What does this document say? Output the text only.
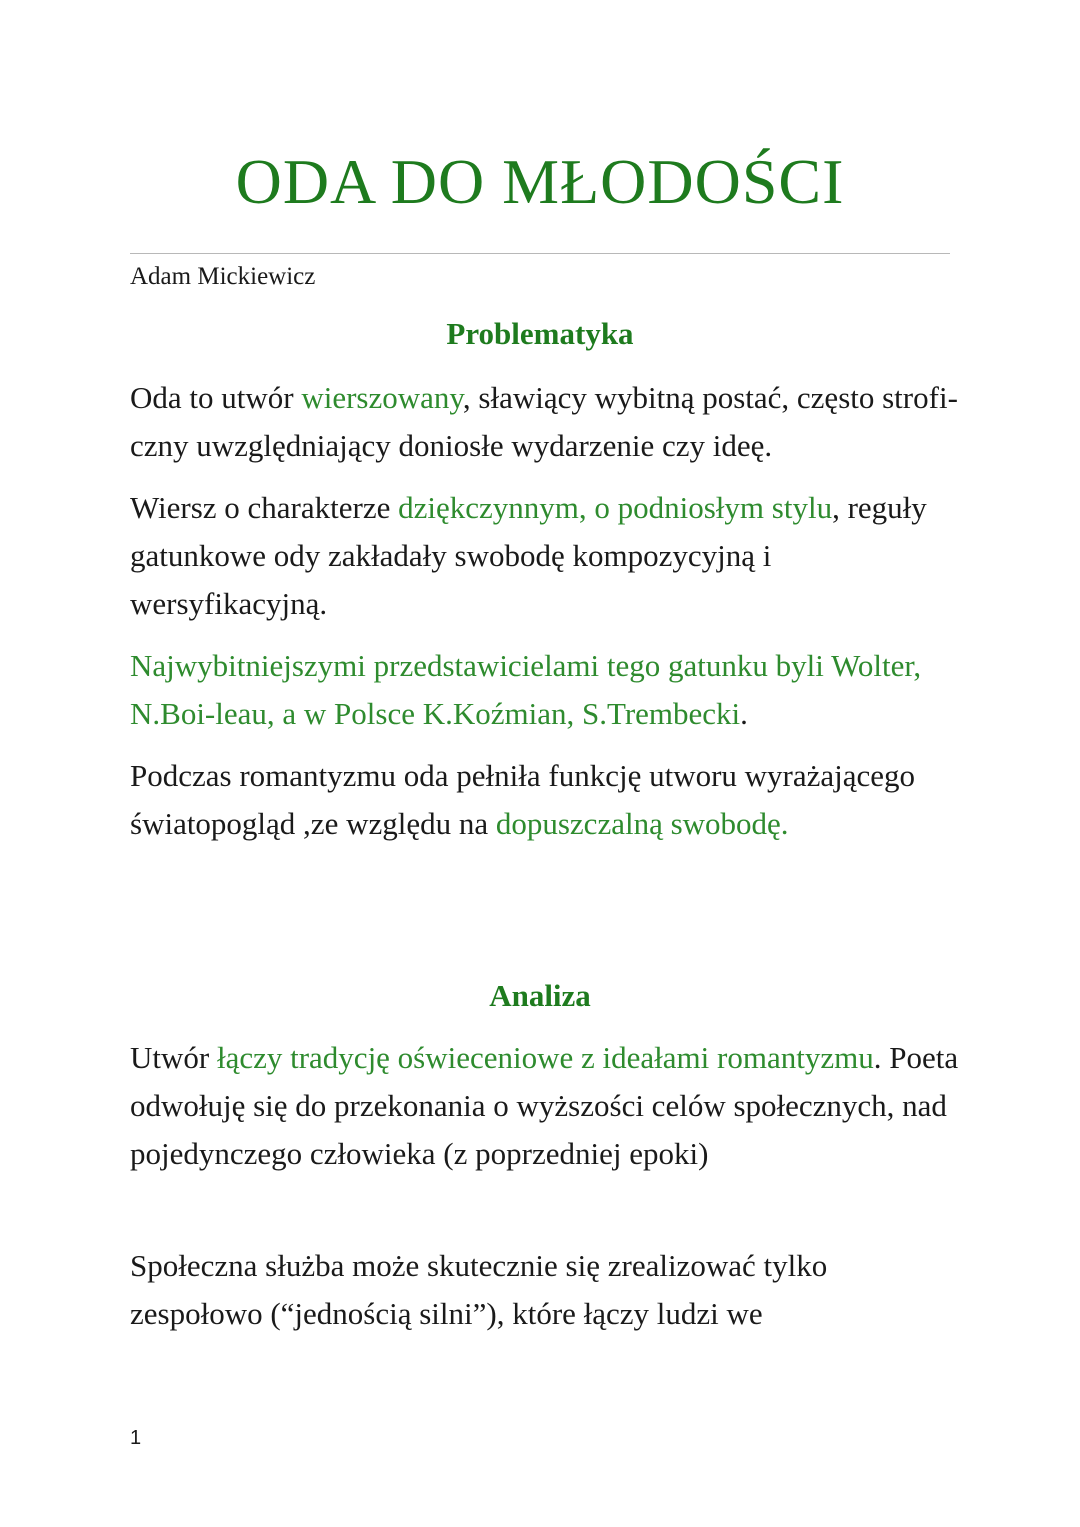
ODA DO MŁODOŚCI
Adam Mickiewicz
Problematyka

Oda to utwór wierszowany, sławiący wybitną postać, często stroficzny uwzględniający doniosłe wydarzenie czy ideę.

Wiersz o charakterze dziękczynnym, o podniosłym stylu, reguły gatunkowe ody zakładały swobodę kompozycyjną i wersyfikacyjną.

Najwybitniejszymi przedstawicielami tego gatunku byli Wolter, N.Boi-leau, a w Polsce K.Koźmian, S.Trembecki.

Podczas romantyzmu oda pełniła funkcję utworu wyrażającego światopogląd ,ze względu na dopuszczalną swobodę.

Analiza

Utwór łączy tradycję oświeceniowe z ideałami romantyzmu. Poeta odwołuję się do przekonania o wyższości celów społecznych, nad pojedynczego człowieka (z poprzedniej epoki)

Społeczna służba może skutecznie się zrealizować tylko zespołowo (“jednością silni”), które łączy ludzi we

1
